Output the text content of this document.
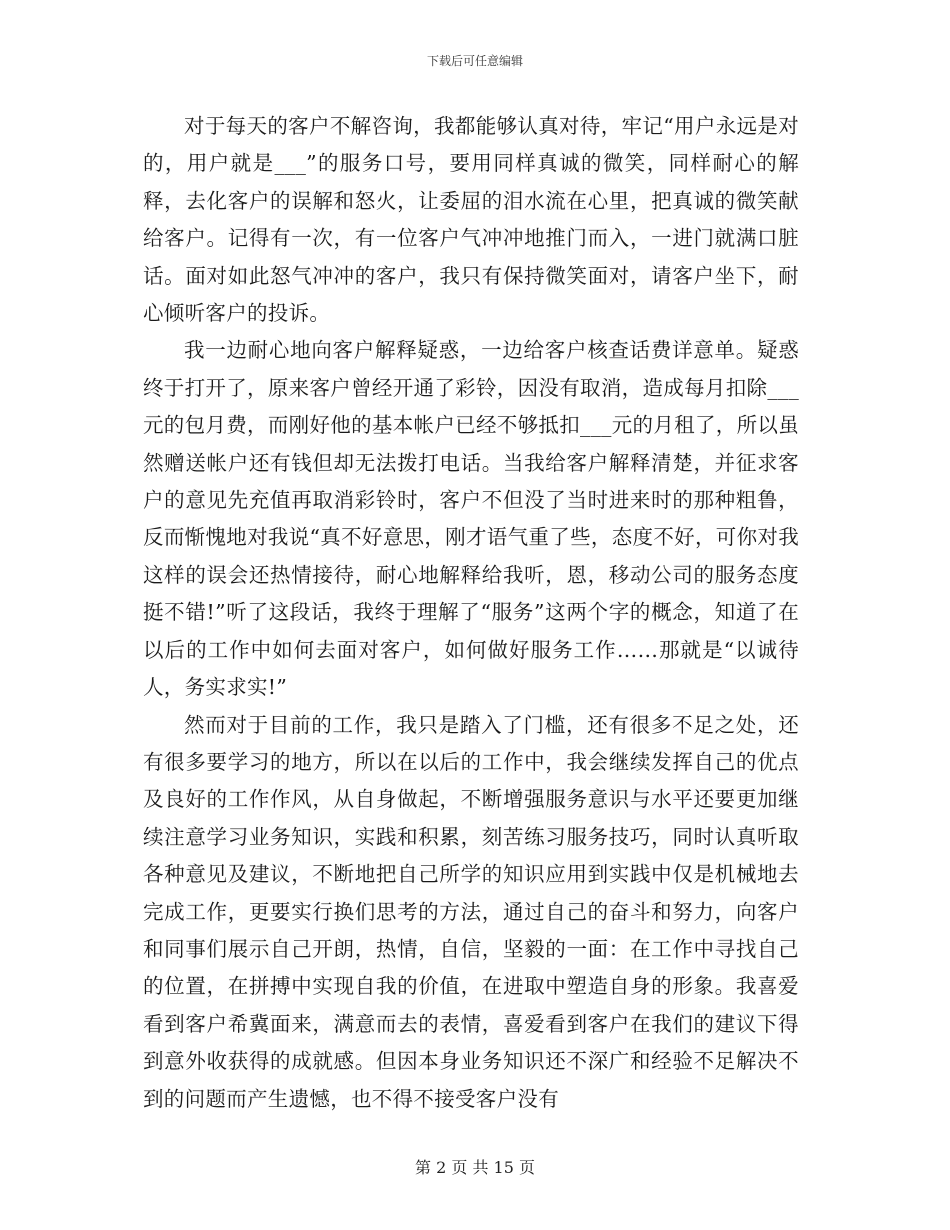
下载后可任意编辑

对于每天的客户不解咨询，我都能够认真对待，牢记“用户永远是对的，用户就是___”的服务口号，要用同样真诚的微笑，同样耐心的解释，去化客户的误解和怒火，让委屈的泪水流在心里，把真诚的微笑献给客户。记得有一次，有一位客户气冲冲地推门而入，一进门就满口脏话。面对如此怒气冲冲的客户，我只有保持微笑面对，请客户坐下，耐心倾听客户的投诉。

我一边耐心地向客户解释疑惑，一边给客户核查话费详意单。疑惑终于打开了，原来客户曾经开通了彩铃，因没有取消，造成每月扣除___元的包月费，而刚好他的基本帐户已经不够抵扣___元的月租了，所以虽然赠送帐户还有钱但却无法拨打电话。当我给客户解释清楚，并征求客户的意见先充值再取消彩铃时，客户不但没了当时进来时的那种粗鲁，反而惭愧地对我说“真不好意思，刚才语气重了些，态度不好，可你对我这样的误会还热情接待，耐心地解释给我听，恩，移动公司的服务态度挺不错!”听了这段话，我终于理解了“服务”这两个字的概念，知道了在以后的工作中如何去面对客户，如何做好服务工作……那就是“以诚待人，务实求实!”

然而对于目前的工作，我只是踏入了门槛，还有很多不足之处，还有很多要学习的地方，所以在以后的工作中，我会继续发挥自己的优点及良好的工作作风，从自身做起，不断增强服务意识与水平还要更加继续注意学习业务知识，实践和积累，刻苦练习服务技巧，同时认真听取各种意见及建议，不断地把自己所学的知识应用到实践中仅是机械地去完成工作，更要实行换们思考的方法，通过自己的奋斗和努力，向客户和同事们展示自己开朗，热情，自信，坚毅的一面：在工作中寻找自己的位置，在拼搏中实现自我的价值，在进取中塑造自身的形象。我喜爱看到客户希冀面来，满意而去的表情，喜爱看到客户在我们的建议下得到意外收获得的成就感。但因本身业务知识还不深广和经验不足解决不到的问题而产生遗憾，也不得不接受客户没有

第 2 页 共 15 页
